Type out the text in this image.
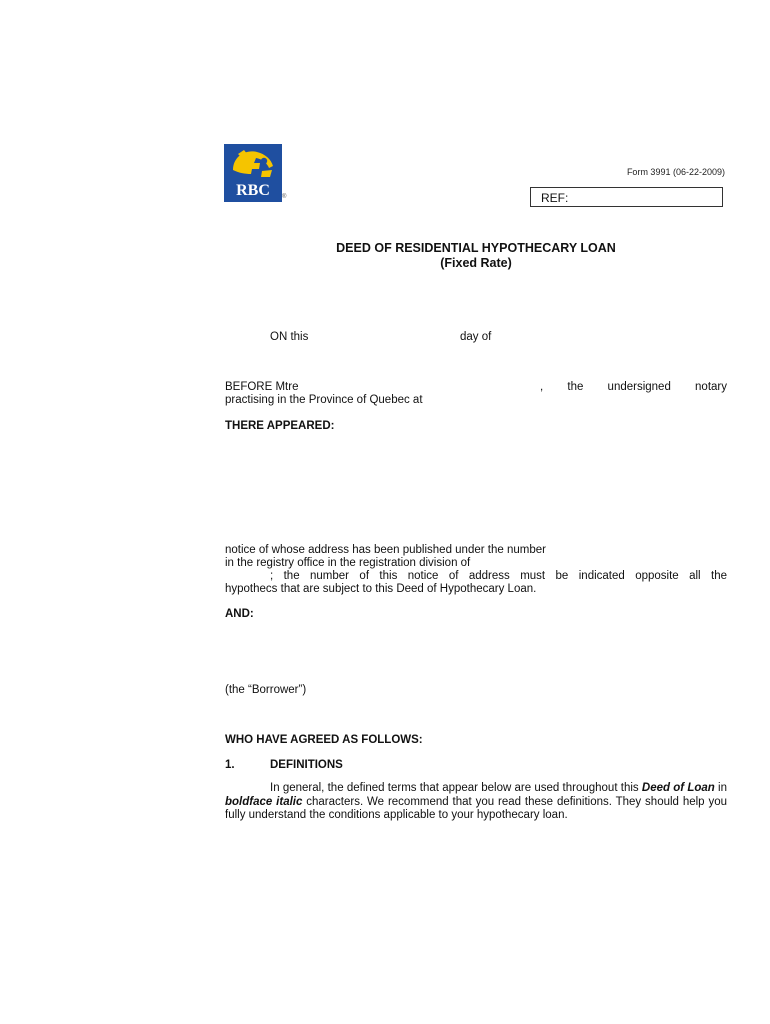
RBC ®
Form 3991 (06-22-2009)
REF:
DEED OF RESIDENTIAL HYPOTHECARY LOAN
(Fixed Rate)
ON this	day of
BEFORE Mtre	, the undersigned notary
practising in the Province of Quebec at
THERE APPEARED:
notice of whose address has been published under the number
in the registry office in the registration division of
; the number of this notice of address must be indicated opposite all the
hypothecs that are subject to this Deed of Hypothecary Loan.
AND:
(the “Borrower”)
WHO HAVE AGREED AS FOLLOWS:
1.	DEFINITIONS
In general, the defined terms that appear below are used throughout this Deed of Loan in boldface italic characters. We recommend that you read these definitions. They should help you fully understand the conditions applicable to your hypothecary loan.
